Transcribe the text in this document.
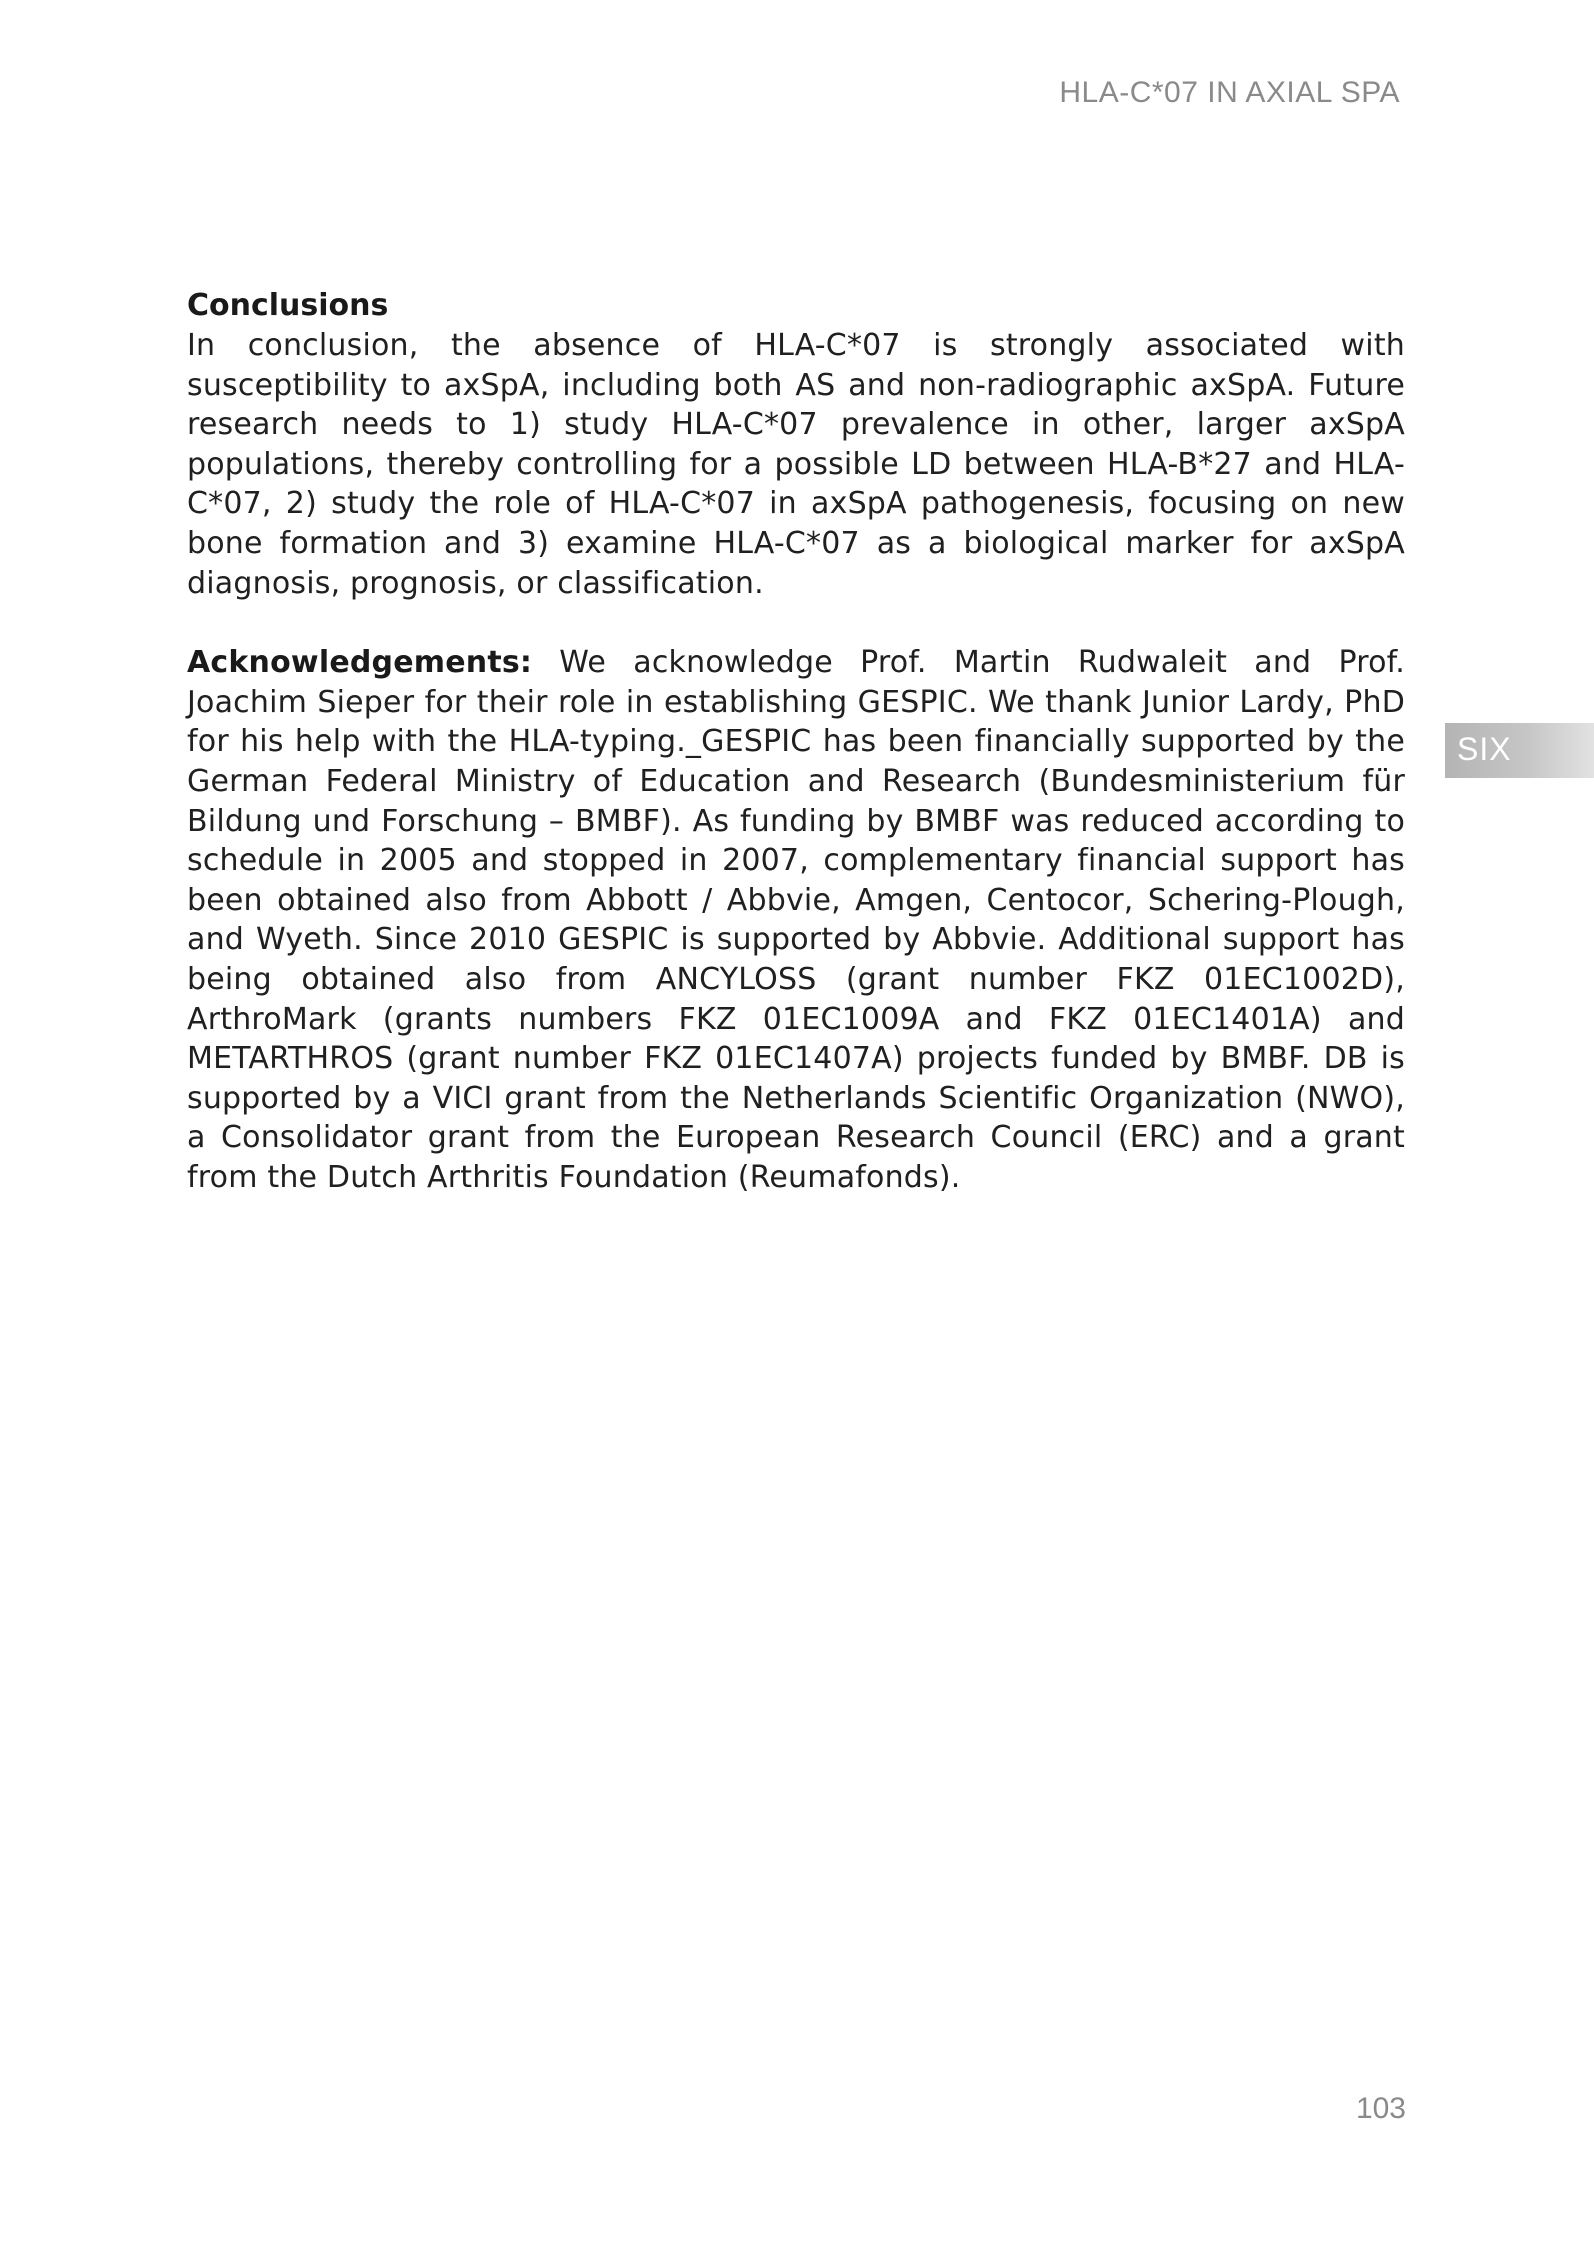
HLA-C*07 IN AXIAL SPA
Conclusions

In conclusion, the absence of HLA-C*07 is strongly associated with susceptibility to axSpA, including both AS and non-radiographic axSpA. Future research needs to 1) study HLA-C*07 prevalence in other, larger axSpA populations, thereby controlling for a possible LD between HLA-B*27 and HLA-C*07, 2) study the role of HLA-C*07 in axSpA pathogenesis, focusing on new bone formation and 3) examine HLA-C*07 as a biological marker for axSpA diagnosis, prognosis, or classification.

Acknowledgements: We acknowledge Prof. Martin Rudwaleit and Prof. Joachim Sieper for their role in establishing GESPIC. We thank Junior Lardy, PhD for his help with the HLA-typing._GESPIC has been financially supported by the German Federal Ministry of Education and Research (Bundesministerium für Bildung und Forschung – BMBF). As funding by BMBF was reduced according to schedule in 2005 and stopped in 2007, complementary financial support has been obtained also from Abbott / Abbvie, Amgen, Centocor, Schering-Plough, and Wyeth. Since 2010 GESPIC is supported by Abbvie. Additional support has being obtained also from ANCYLOSS (grant number FKZ 01EC1002D), ArthroMark (grants numbers FKZ 01EC1009A and FKZ 01EC1401A) and METARTHROS (grant number FKZ 01EC1407A) projects funded by BMBF. DB is supported by a VICI grant from the Netherlands Scientific Organization (NWO), a Consolidator grant from the European Research Council (ERC) and a grant from the Dutch Arthritis Foundation (Reumafonds).

SIX
103
